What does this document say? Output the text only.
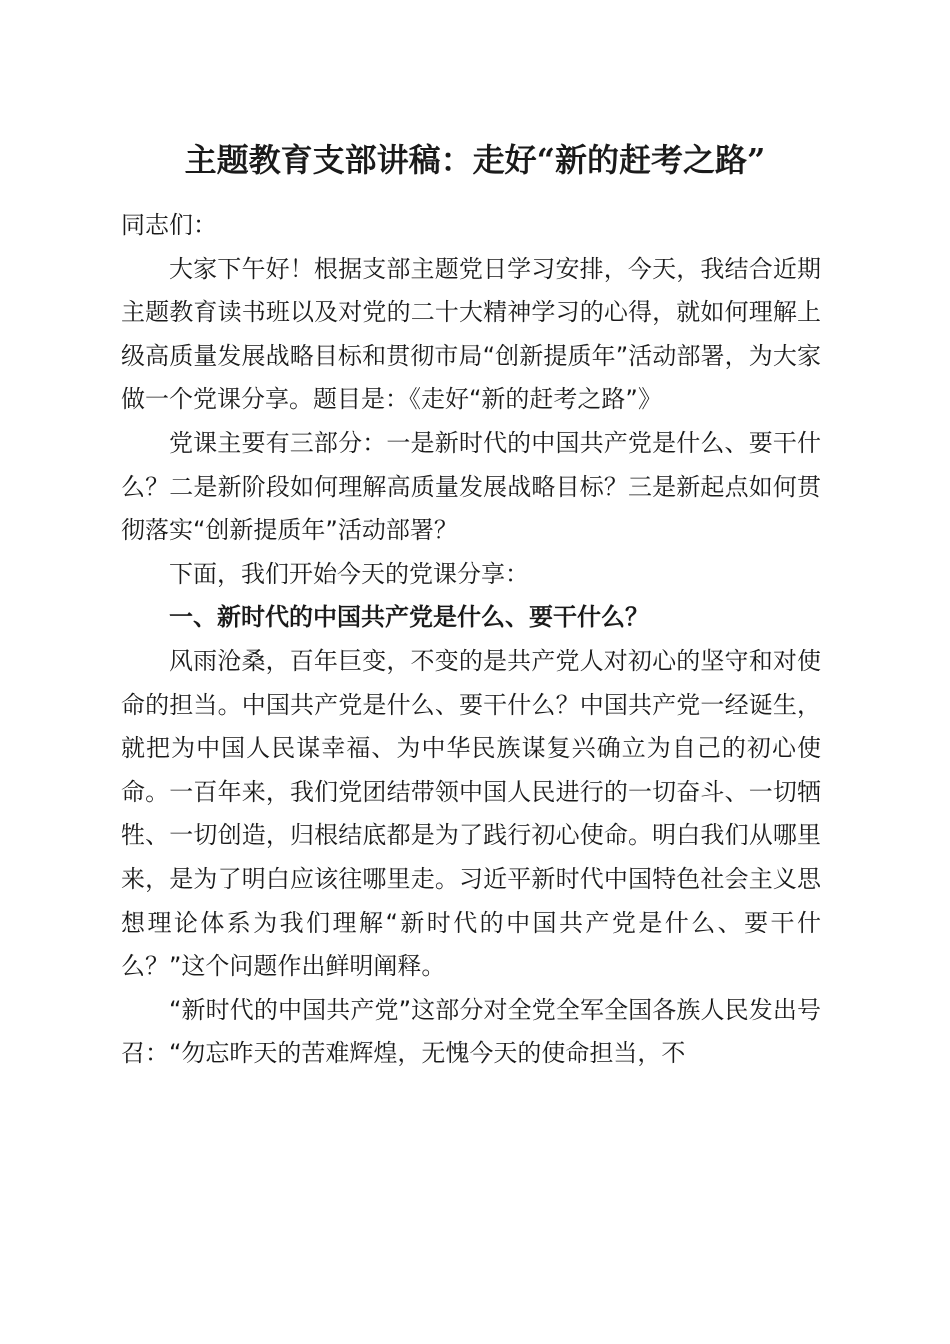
主题教育支部讲稿：走好“新的赶考之路”

同志们：

大家下午好！根据支部主题党日学习安排，今天，我结合近期主题教育读书班以及对党的二十大精神学习的心得，就如何理解上级高质量发展战略目标和贯彻市局“创新提质年”活动部署，为大家做一个党课分享。题目是：《走好“新的赶考之路”》

党课主要有三部分：一是新时代的中国共产党是什么、要干什么？二是新阶段如何理解高质量发展战略目标？三是新起点如何贯彻落实“创新提质年”活动部署？

下面，我们开始今天的党课分享：

一、新时代的中国共产党是什么、要干什么？

风雨沧桑，百年巨变，不变的是共产党人对初心的坚守和对使命的担当。中国共产党是什么、要干什么？中国共产党一经诞生，就把为中国人民谋幸福、为中华民族谋复兴确立为自己的初心使命。一百年来，我们党团结带领中国人民进行的一切奋斗、一切牺牲、一切创造，归根结底都是为了践行初心使命。明白我们从哪里来，是为了明白应该往哪里走。习近平新时代中国特色社会主义思想理论体系为我们理解“新时代的中国共产党是什么、要干什么？”这个问题作出鲜明阐释。

“新时代的中国共产党”这部分对全党全军全国各族人民发出号召：“勿忘昨天的苦难辉煌，无愧今天的使命担当，不
